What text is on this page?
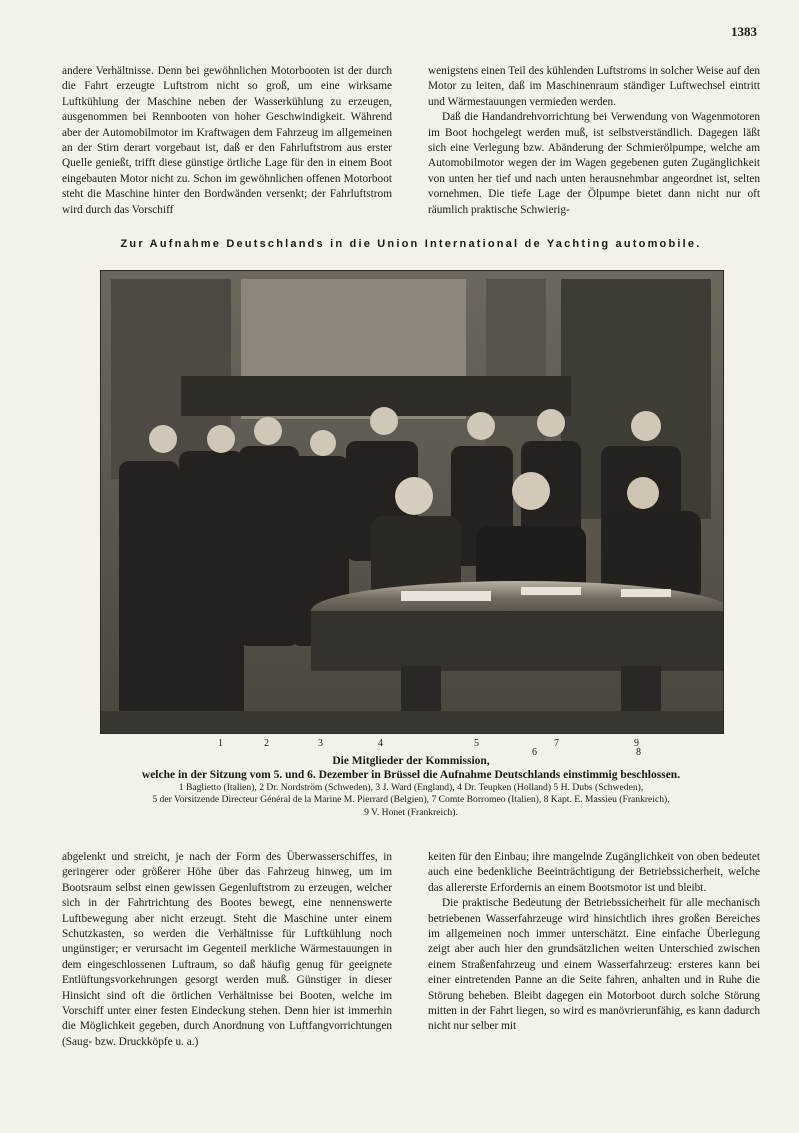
1383

andere Verhältnisse. Denn bei gewöhnlichen Motorbooten ist der durch die Fahrt erzeugte Luftstrom nicht so groß, um eine wirksame Luftkühlung der Maschine neben der Wasserkühlung zu erzeugen, ausgenommen bei Rennbooten von hoher Geschwindigkeit. Während aber der Automobilmotor im Kraftwagen dem Fahrzeug im allgemeinen an der Stirn derart vorgebaut ist, daß er den Fahrluftstrom aus erster Quelle genießt, trifft diese günstige örtliche Lage für den in einem Boot eingebauten Motor nicht zu. Schon im gewöhnlichen offenen Motorboot steht die Maschine hinter den Bordwänden versenkt; der Fahrluftstrom wird durch das Vorschiff

wenigstens einen Teil des kühlenden Luftstroms in solcher Weise auf den Motor zu leiten, daß im Maschinenraum ständiger Luftwechsel eintritt und Wärmestauungen vermieden werden.

Daß die Handandrehvorrichtung bei Verwendung von Wagenmotoren im Boot hochgelegt werden muß, ist selbstverständlich. Dagegen läßt sich eine Verlegung bzw. Abänderung der Schmierölpumpe, welche am Automobilmotor wegen der im Wagen gegebenen guten Zugänglichkeit von unten her tief und nach unten herausnehmbar angeordnet ist, selten vornehmen. Die tiefe Lage der Ölpumpe bietet dann nicht nur oft räumlich praktische Schwierig-

Zur Aufnahme Deutschlands in die Union International de Yachting automobile.
1	2	3	4	5
6
7	9
8
Die Mitglieder der Kommission,
welche in der Sitzung vom 5. und 6. Dezember in Brüssel die Aufnahme Deutschlands einstimmig beschlossen.
1 Baglietto (Italien), 2 Dr. Nordström (Schweden), 3 J. Ward (England), 4 Dr. Teupken (Holland) 5 H. Dubs (Schweden),
5 der Vorsitzende Directeur Général de la Marine M. Pierrard (Belgien), 7 Comte Borromeo (Italien), 8 Kapt. E. Massieu (Frankreich),
9 V. Honet (Frankreich).

abgelenkt und streicht, je nach der Form des Überwasserschiffes, in geringerer oder größerer Höhe über das Fahrzeug hinweg, um im Bootsraum selbst einen gewissen Gegenluftstrom zu erzeugen, welcher sich in der Fahrtrichtung des Bootes bewegt, eine nennenswerte Luftbewegung aber nicht erzeugt. Steht die Maschine unter einem Schutzkasten, so werden die Verhältnisse für Luftkühlung noch ungünstiger; er verursacht im Gegenteil merkliche Wärmestauungen in dem eingeschlossenen Luftraum, so daß häufig genug für geeignete Entlüftungsvorkehrungen gesorgt werden muß. Günstiger in dieser Hinsicht sind oft die örtlichen Verhältnisse bei Booten, welche im Vorschiff unter einer festen Eindeckung stehen. Denn hier ist immerhin die Möglichkeit gegeben, durch Anordnung von Luftfangvorrichtungen (Saug- bzw. Druckköpfe u. a.)

keiten für den Einbau; ihre mangelnde Zugänglichkeit von oben bedeutet auch eine bedenkliche Beeinträchtigung der Betriebssicherheit, welche das allererste Erfordernis an einem Bootsmotor ist und bleibt.

Die praktische Bedeutung der Betriebssicherheit für alle mechanisch betriebenen Wasserfahrzeuge wird hinsichtlich ihres großen Bereiches im allgemeinen noch immer unterschätzt. Eine einfache Überlegung zeigt aber auch hier den grundsätzlichen weiten Unterschied zwischen einem Straßenfahrzeug und einem Wasserfahrzeug: ersteres kann bei einer eintretenden Panne an die Seite fahren, anhalten und in Ruhe die Störung beheben. Bleibt dagegen ein Motorboot durch solche Störung mitten in der Fahrt liegen, so wird es manövrierunfähig, es kann dadurch nicht nur selber mit
